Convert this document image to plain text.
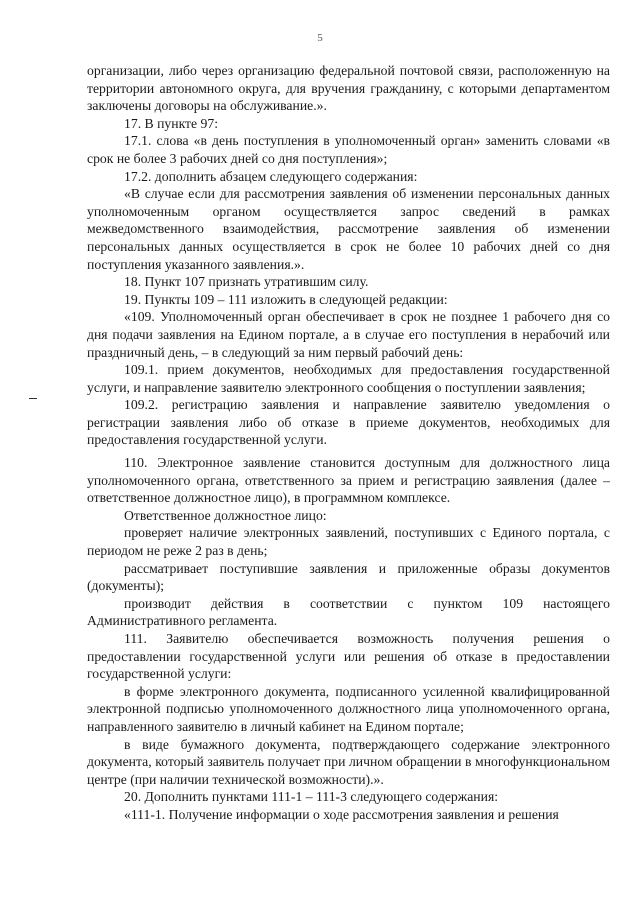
5

организации, либо через организацию федеральной почтовой связи, расположенную на территории автономного округа, для вручения гражданину, с которыми департаментом заключены договоры на обслуживание.».

17. В пункте 97:

17.1. слова «в день поступления в уполномоченный орган» заменить словами «в срок не более 3 рабочих дней со дня поступления»;

17.2. дополнить абзацем следующего содержания:

«В случае если для рассмотрения заявления об изменении персональных данных уполномоченным органом осуществляется запрос сведений в рамках межведомственного взаимодействия, рассмотрение заявления об изменении персональных данных осуществляется в срок не более 10 рабочих дней со дня поступления указанного заявления.».

18. Пункт 107 признать утратившим силу.

19. Пункты 109 – 111 изложить в следующей редакции:

«109. Уполномоченный орган обеспечивает в срок не позднее 1 рабочего дня со дня подачи заявления на Едином портале, а в случае его поступления в нерабочий или праздничный день, – в следующий за ним первый рабочий день:

109.1. прием документов, необходимых для предоставления государственной услуги, и направление заявителю электронного сообщения о поступлении заявления;

109.2. регистрацию заявления и направление заявителю уведомления о регистрации заявления либо об отказе в приеме документов, необходимых для предоставления государственной услуги.

110. Электронное заявление становится доступным для должностного лица уполномоченного органа, ответственного за прием и регистрацию заявления (далее – ответственное должностное лицо), в программном комплексе.

Ответственное должностное лицо:

проверяет наличие электронных заявлений, поступивших с Единого портала, с периодом не реже 2 раз в день;

рассматривает поступившие заявления и приложенные образы документов (документы);

производит действия в соответствии с пунктом 109 настоящего Административного регламента.

111. Заявителю обеспечивается возможность получения решения о предоставлении государственной услуги или решения об отказе в предоставлении государственной услуги:

в форме электронного документа, подписанного усиленной квалифицированной электронной подписью уполномоченного должностного лица уполномоченного органа, направленного заявителю в личный кабинет на Едином портале;

в виде бумажного документа, подтверждающего содержание электронного документа, который заявитель получает при личном обращении в многофункциональном центре (при наличии технической возможности).».

20. Дополнить пунктами 111-1 – 111-3 следующего содержания:

«111-1. Получение информации о ходе рассмотрения заявления и решения
